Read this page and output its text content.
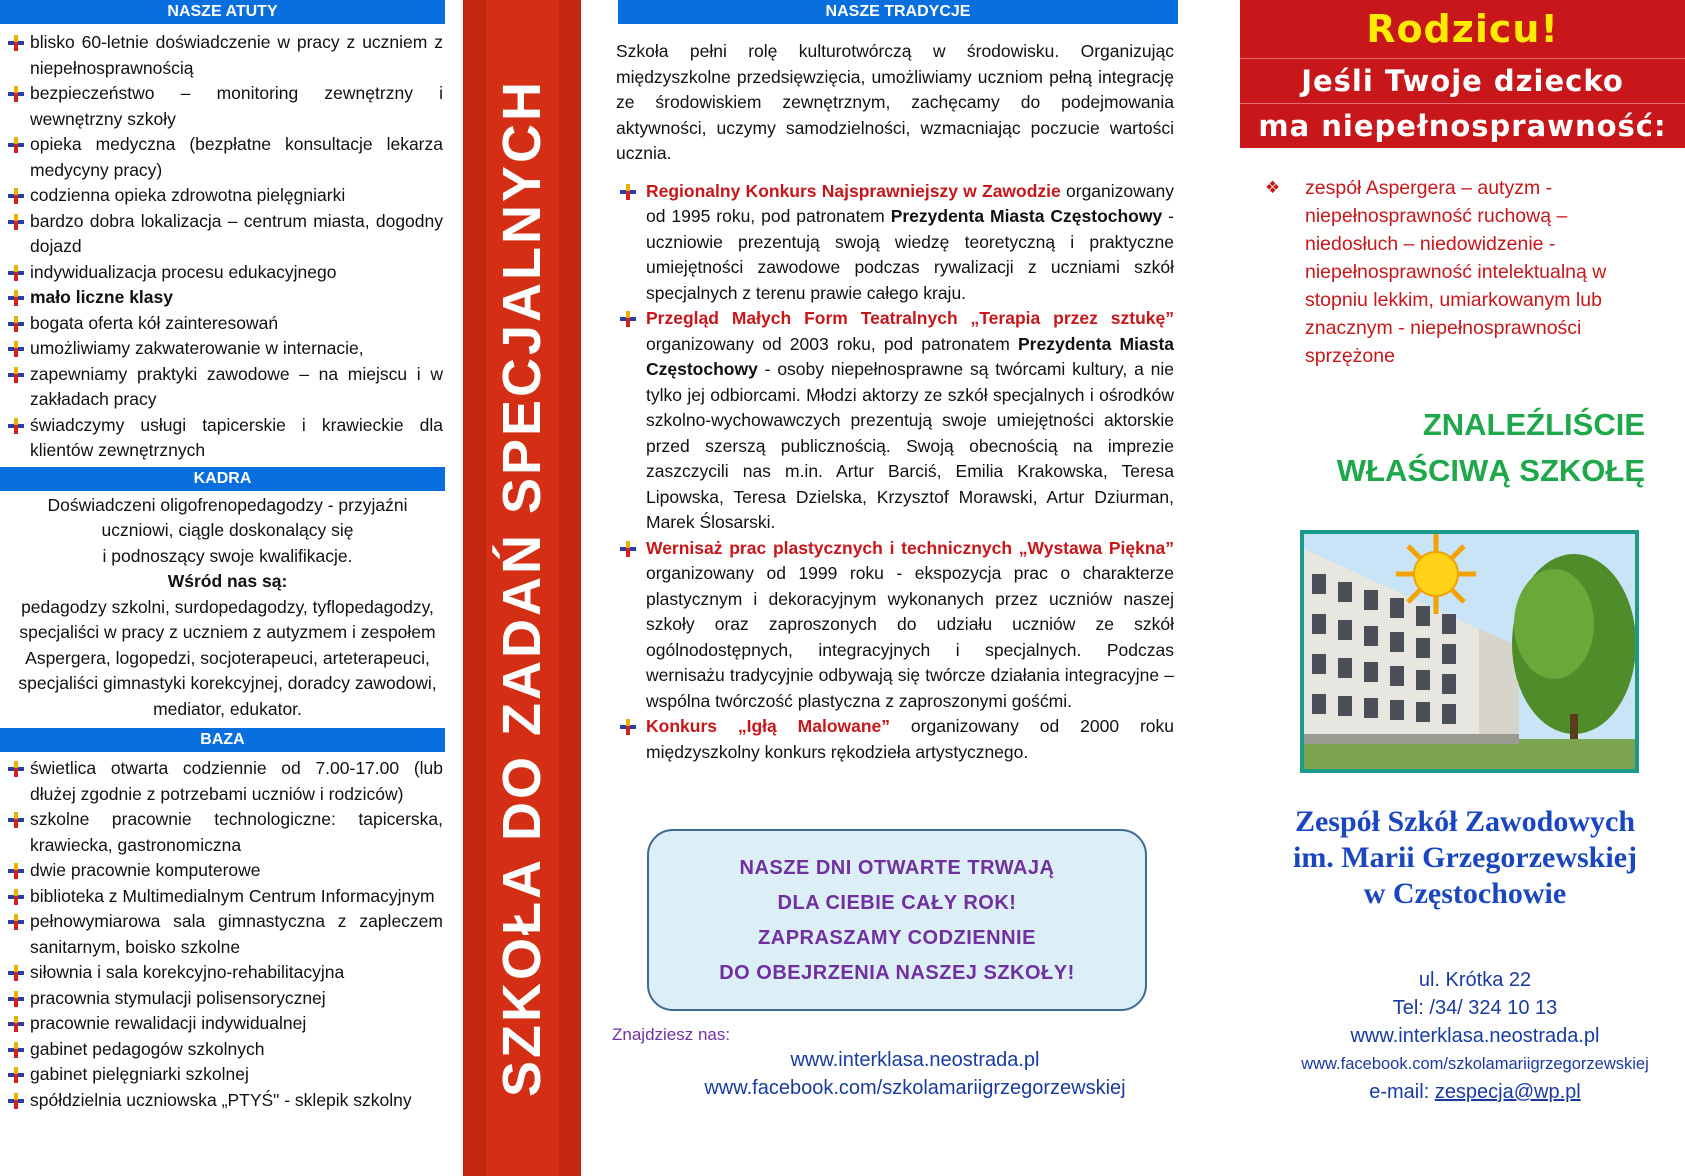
NASZE ATUTY
blisko 60-letnie doświadczenie w pracy z uczniem z niepełnosprawnością
bezpieczeństwo – monitoring zewnętrzny i wewnętrzny szkoły
opieka medyczna (bezpłatne konsultacje lekarza medycyny pracy)
codzienna opieka zdrowotna pielęgniarki
bardzo dobra lokalizacja – centrum miasta, dogodny dojazd
indywidualizacja procesu edukacyjnego
mało liczne klasy
bogata oferta kół zainteresowań
umożliwiamy zakwaterowanie w internacie,
zapewniamy praktyki zawodowe – na miejscu i w zakładach pracy
świadczymy usługi tapicerskie i krawieckie dla klientów zewnętrznych
KADRA
Doświadczeni oligofrenopedagodzy - przyjaźni
uczniowi, ciągle doskonalący się
i podnoszący swoje kwalifikacje.
Wśród nas są:
pedagodzy szkolni, surdopedagodzy, tyflopedagodzy, specjaliści w pracy z uczniem z autyzmem i zespołem Aspergera, logopedzi, socjoterapeuci, arteterapeuci, specjaliści gimnastyki korekcyjnej, doradcy zawodowi, mediator, edukator.
BAZA
świetlica otwarta codziennie od 7.00-17.00 (lub dłużej zgodnie z potrzebami uczniów i rodziców)
szkolne pracownie technologiczne: tapicerska, krawiecka, gastronomiczna
dwie pracownie komputerowe
biblioteka z Multimedialnym Centrum Informacyjnym
pełnowymiarowa sala gimnastyczna z zapleczem sanitarnym, boisko szkolne
siłownia i sala korekcyjno-rehabilitacyjna
pracownia stymulacji polisensorycznej
pracownie rewalidacji indywidualnej
gabinet pedagogów szkolnych
gabinet pielęgniarki szkolnej
spółdzielnia uczniowska „PTYŚ" - sklepik szkolny
SZKOŁA DO ZADAŃ SPECJALNYCH
NASZE TRADYCJE
Szkoła pełni rolę kulturotwórczą w środowisku. Organizując międzyszkolne przedsięwzięcia, umożliwiamy uczniom pełną integrację ze środowiskiem zewnętrznym, zachęcamy do podejmowania aktywności, uczymy samodzielności, wzmacniając poczucie wartości ucznia.
Regionalny Konkurs Najsprawniejszy w Zawodzie organizowany od 1995 roku, pod patronatem Prezydenta Miasta Częstochowy - uczniowie prezentują swoją wiedzę teoretyczną i praktyczne umiejętności zawodowe podczas rywalizacji z uczniami szkół specjalnych z terenu prawie całego kraju.
Przegląd Małych Form Teatralnych „Terapia przez sztukę” organizowany od 2003 roku, pod patronatem Prezydenta Miasta Częstochowy - osoby niepełnosprawne są twórcami kultury, a nie tylko jej odbiorcami. Młodzi aktorzy ze szkół specjalnych i ośrodków szkolno-wychowawczych prezentują swoje umiejętności aktorskie przed szerszą publicznością. Swoją obecnością na imprezie zaszczycili nas m.in. Artur Barciś, Emilia Krakowska, Teresa Lipowska, Teresa Dzielska, Krzysztof Morawski, Artur Dziurman, Marek Ślosarski.
Wernisaż prac plastycznych i technicznych „Wystawa Piękna” organizowany od 1999 roku - ekspozycja prac o charakterze plastycznym i dekoracyjnym wykonanych przez uczniów naszej szkoły oraz zaproszonych do udziału uczniów ze szkół ogólnodostępnych, integracyjnych i specjalnych. Podczas wernisażu tradycyjnie odbywają się twórcze działania integracyjne – wspólna twórczość plastyczna z zaproszonymi gośćmi.
Konkurs „Igłą Malowane” organizowany od 2000 roku międzyszkolny konkurs rękodzieła artystycznego.
NASZE DNI OTWARTE TRWAJĄ
DLA CIEBIE CAŁY ROK!
ZAPRASZAMY CODZIENNIE
DO OBEJRZENIA NASZEJ SZKOŁY!
Znajdziesz nas:
www.interklasa.neostrada.pl
www.facebook.com/szkolamariigrzegorzewskiej
Rodzicu!
Jeśli Twoje dziecko
ma niepełnosprawność:
❖ zespół Aspergera – autyzm - niepełnosprawność ruchową – niedosłuch – niedowidzenie - niepełnosprawność intelektualną w stopniu lekkim, umiarkowanym lub znacznym - niepełnosprawności sprzężone
ZNALEŹLIŚCIE
WŁAŚCIWĄ SZKOŁĘ
Zespół Szkół Zawodowych
im. Marii Grzegorzewskiej
w Częstochowie
ul. Krótka 22
Tel: /34/ 324 10 13
www.interklasa.neostrada.pl
www.facebook.com/szkolamariigrzegorzewskiej
e-mail: zespecja@wp.pl
